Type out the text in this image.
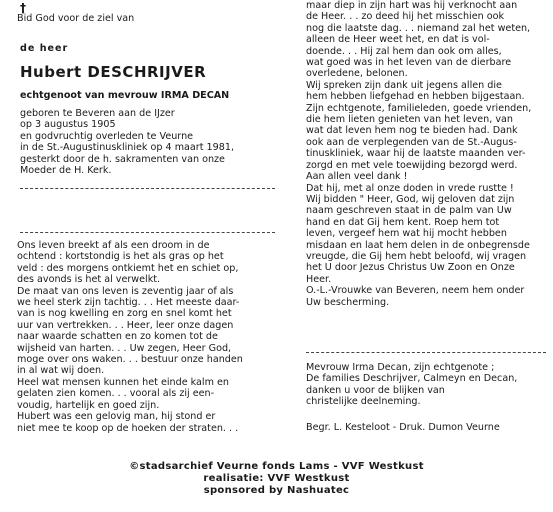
†
Bid God voor de ziel van
de heer
Hubert DESCHRIJVER
echtgenoot van mevrouw IRMA DECAN
geboren te Beveren aan de IJzer
op 3 augustus 1905
en godvruchtig overleden te Veurne
in de St.-Augustinuskliniek op 4 maart 1981,
gesterkt door de h. sakramenten van onze
Moeder de H. Kerk.
Ons leven breekt af als een droom in de
ochtend : kortstondig is het als gras op het
veld : des morgens ontkiemt het en schiet op,
des avonds is het al verwelkt.
De maat van ons leven is zeventig jaar of als
we heel sterk zijn tachtig. . . Het meeste daar-
van is nog kwelling en zorg en snel komt het
uur van vertrekken. . . Heer, leer onze dagen
naar waarde schatten en zo komen tot de
wijsheid van harten. . . Uw zegen, Heer God,
moge over ons waken. . . bestuur onze handen
in al wat wij doen.
Heel wat mensen kunnen het einde kalm en
gelaten zien komen. . . vooral als zij een-
voudig, hartelijk en goed zijn.
Hubert was een gelovig man, hij stond er
niet mee te koop op de hoeken der straten. . .
maar diep in zijn hart was hij verknocht aan
de Heer. . . zo deed hij het misschien ook
nog die laatste dag. . . niemand zal het weten,
alleen de Heer weet het, en dat is vol-
doende. . . Hij zal hem dan ook om alles,
wat goed was in het leven van de dierbare
overledene, belonen.
Wij spreken zijn dank uit jegens allen die
hem hebben liefgehad en hebben bijgestaan.
Zijn echtgenote, familieleden, goede vrienden,
die hem lieten genieten van het leven, van
wat dat leven hem nog te bieden had. Dank
ook aan de verplegenden van de St.-Augus-
tinuskliniek, waar hij de laatste maanden ver-
zorgd en met vele toewijding bezorgd werd.
Aan allen veel dank !
Dat hij, met al onze doden in vrede rustte !
Wij bidden " Heer, God, wij geloven dat zijn
naam geschreven staat in de palm van Uw
hand en dat Gij hem kent. Roep hem tot
leven, vergeef hem wat hij mocht hebben
misdaan en laat hem delen in de onbegrensde
vreugde, die Gij hem hebt beloofd, wij vragen
het U door Jezus Christus Uw Zoon en Onze
Heer.
O.-L.-Vrouwke van Beveren, neem hem onder
Uw bescherming.
Mevrouw Irma Decan, zijn echtgenote ;
De families Deschrijver, Calmeyn en Decan,
danken u voor de blijken van
christelijke deelneming.
Begr. L. Kesteloot - Druk. Dumon Veurne
©stadsarchief Veurne fonds Lams - VVF Westkust
realisatie: VVF Westkust
sponsored by Nashuatec
